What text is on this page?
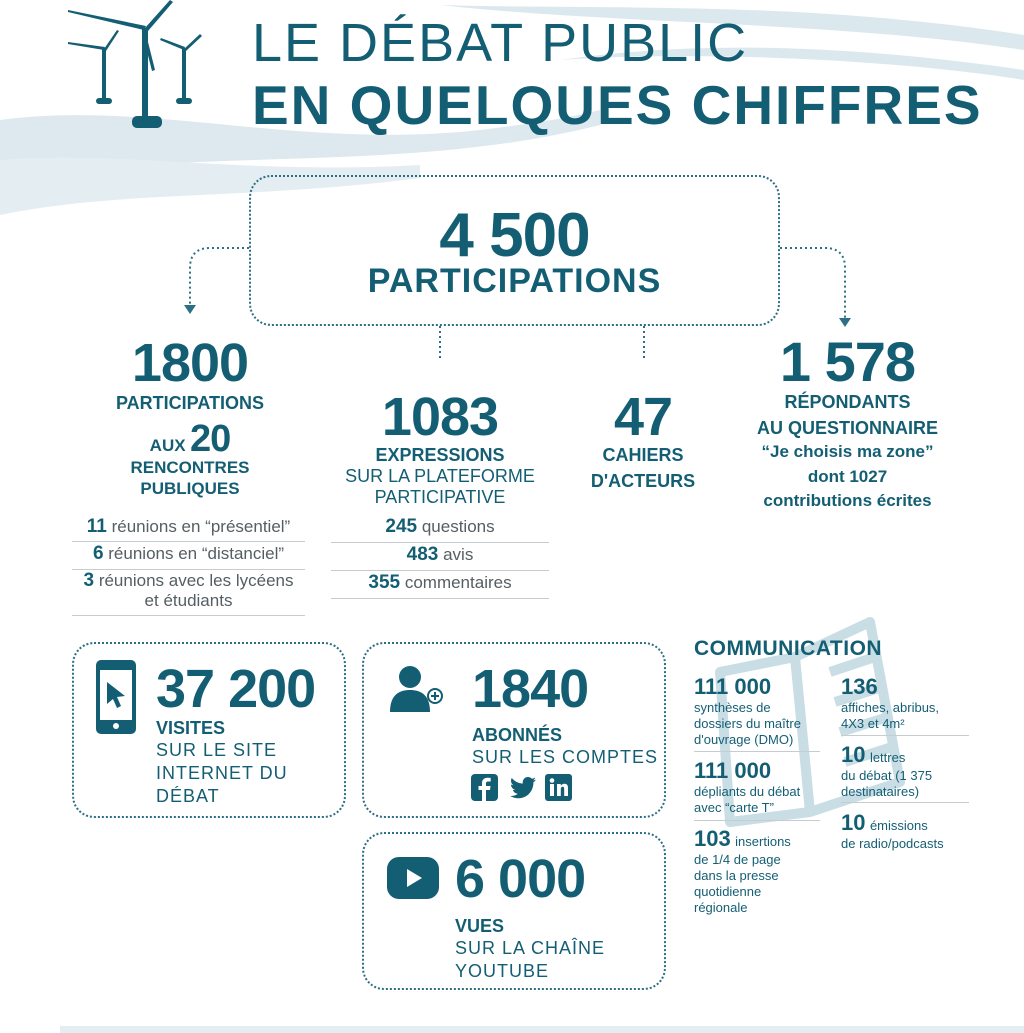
LE DÉBAT PUBLIC
EN QUELQUES CHIFFRES
4 500
PARTICIPATIONS
1800
PARTICIPATIONS
AUX 20
RENCONTRES
PUBLIQUES
11 réunions en “présentiel”
6 réunions en “distanciel”
3 réunions avec les lycéens
et étudiants
1083
EXPRESSIONS
SUR LA PLATEFORME
PARTICIPATIVE
245 questions
483 avis
355 commentaires
47
CAHIERS
D'ACTEURS
1 578
RÉPONDANTS
AU QUESTIONNAIRE
“Je choisis ma zone”
dont 1027
contributions écrites
37 200
VISITES
SUR LE SITE
INTERNET DU
DÉBAT
1840
ABONNÉS
SUR LES COMPTES
6 000
VUES
SUR LA CHAÎNE
YOUTUBE
COMMUNICATION
111 000
synthèses de
dossiers du maître
d'ouvrage (DMO)
111 000
dépliants du débat
avec “carte T”
103 insertions
de 1/4 de page
dans la presse
quotidienne
régionale
136
affiches, abribus,
4X3 et 4m²
10 lettres
du débat (1 375
destinataires)
10 émissions
de radio/podcasts
